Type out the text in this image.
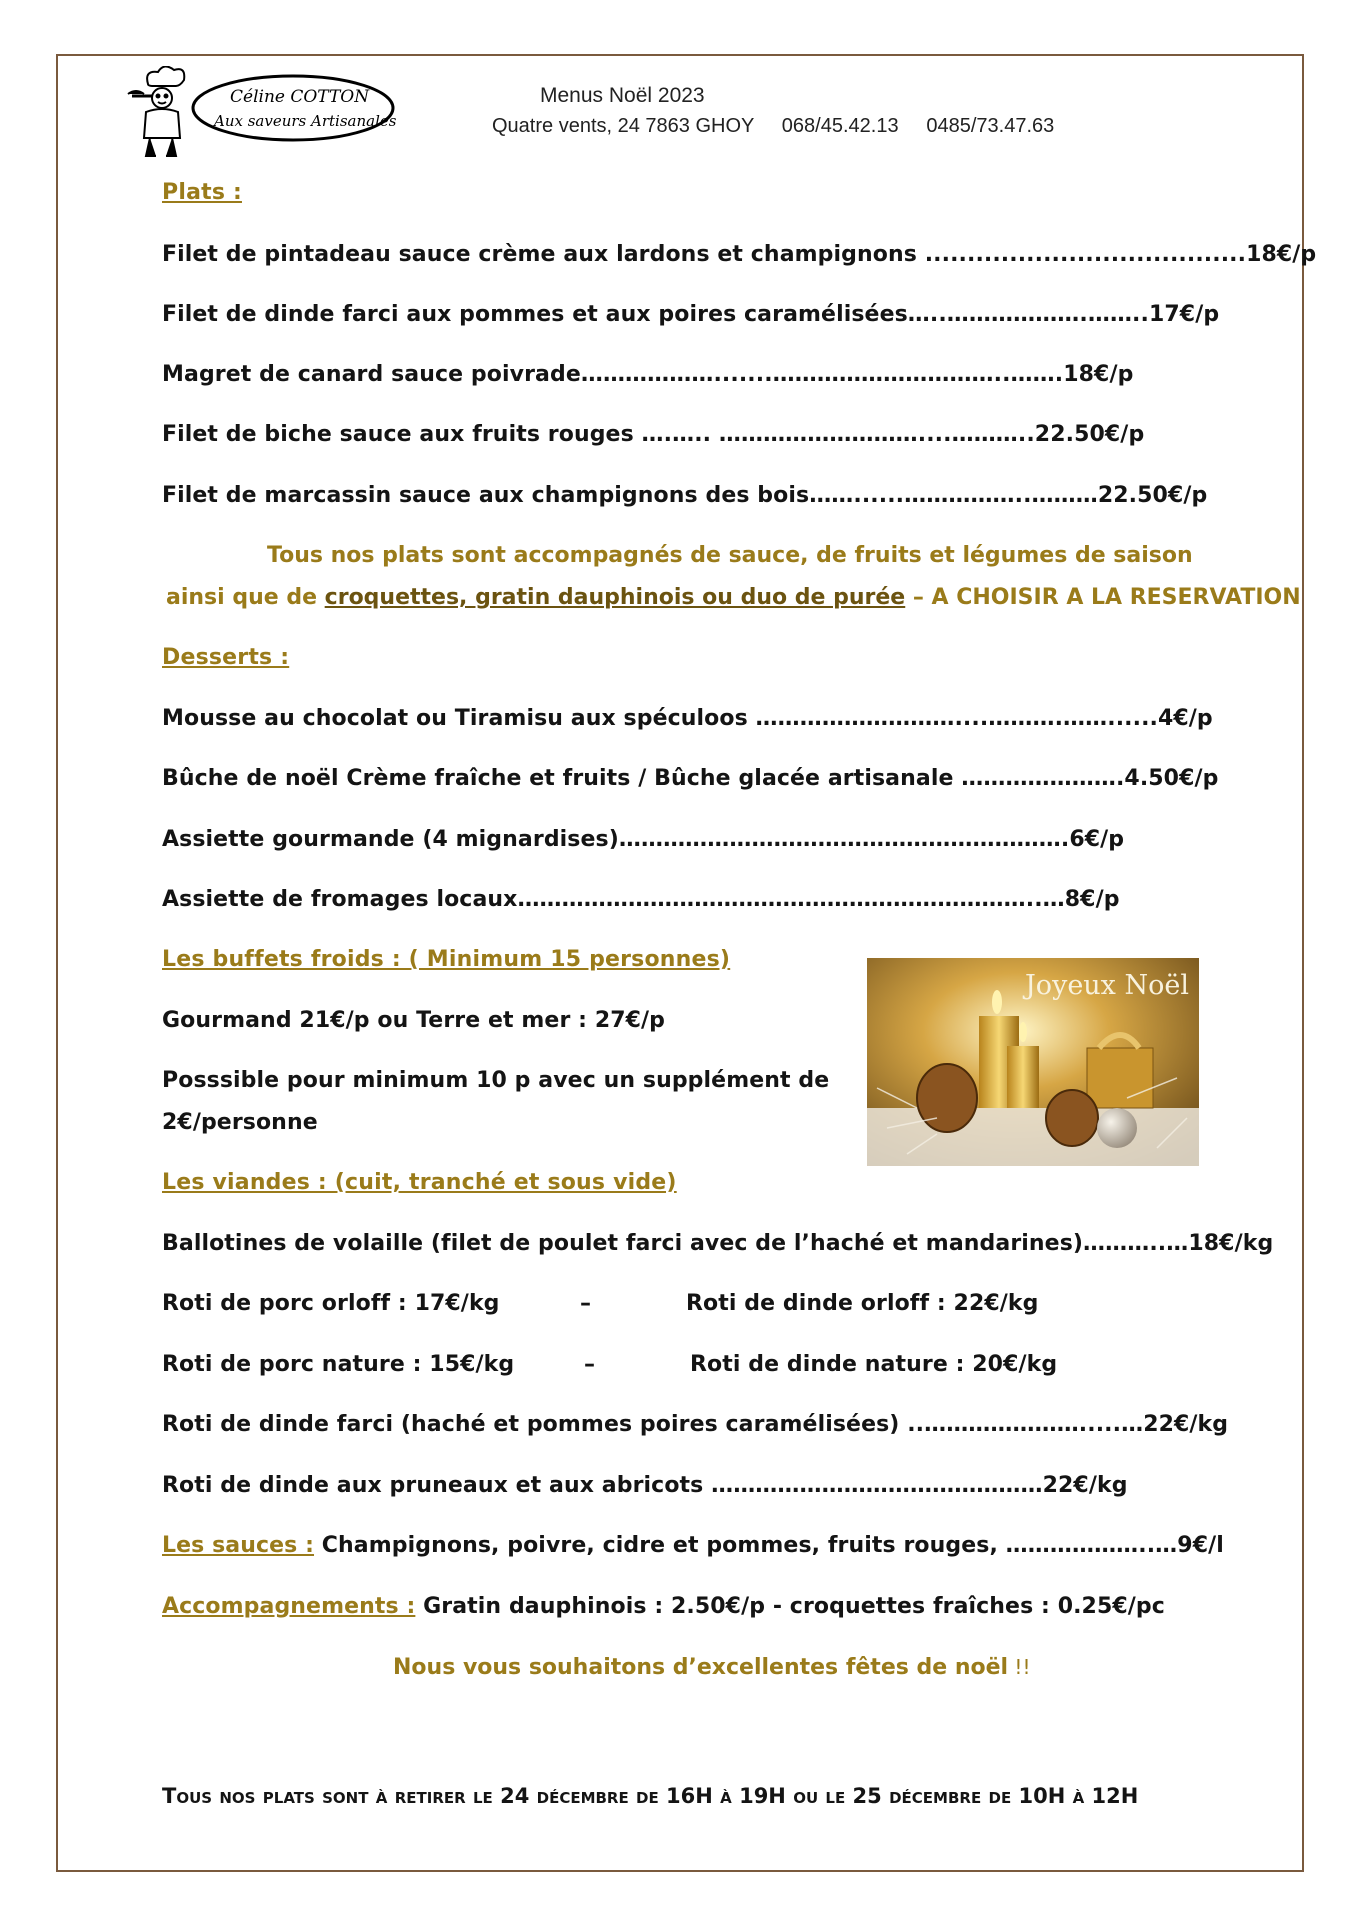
Céline COTTON
Aux saveurs Artisanales
Menus Noël 2023
Quatre vents, 24 7863 GHOY     068/45.42.13     0485/73.47.63
Plats :
Filet de pintadeau sauce crème aux lardons et champignons ......................................18€/p
Filet de dinde farci aux pommes et aux poires caramélisées…..……………….……..17€/p
Magret de canard sauce poivrade……………….......…………………………..…….18€/p
Filet de biche sauce aux fruits rouges ….….. ………………………....………..22.50€/p
Filet de marcassin sauce aux champignons des bois……......……………..………22.50€/p
Tous nos plats sont accompagnés de sauce, de fruits et légumes de saison
ainsi que de croquettes, gratin dauphinois ou duo de purée – A CHOISIR A LA RESERVATION
Desserts :
Mousse au chocolat ou Tiramisu aux spéculoos ………………………....……….……......4€/p
Bûche de noël Crème fraîche et fruits / Bûche glacée artisanale ………………….4.50€/p
Assiette gourmande (4 mignardises)…………………………………………………….6€/p
Assiette de fromages locaux……………………………………………………………..…8€/p
Les buffets froids : ( Minimum 15 personnes)
Gourmand 21€/p ou Terre et mer : 27€/p
Posssible pour minimum 10 p avec un supplément de
2€/personne
Joyeux Noël
Les viandes : (cuit, tranché et sous vide)
Ballotines de volaille (filet de poulet farci avec de l’haché et mandarines)………..…18€/kg
Roti de porc orloff : 17€/kg	–	Roti de dinde orloff : 22€/kg
Roti de porc nature : 15€/kg	–	Roti de dinde nature : 20€/kg
Roti de dinde farci (haché et pommes poires caramélisées) ..………………….....…22€/kg
Roti de dinde aux pruneaux et aux abricots ………………………………………22€/kg
Les sauces : Champignons, poivre, cidre et pommes, fruits rouges, ………………..…9€/l
Accompagnements : Gratin dauphinois : 2.50€/p - croquettes fraîches : 0.25€/pc
Nous vous souhaitons d’excellentes fêtes de noël !!
Tous nos plats sont à retirer le 24 décembre de 16H à 19H ou le 25 décembre de 10H à 12H
